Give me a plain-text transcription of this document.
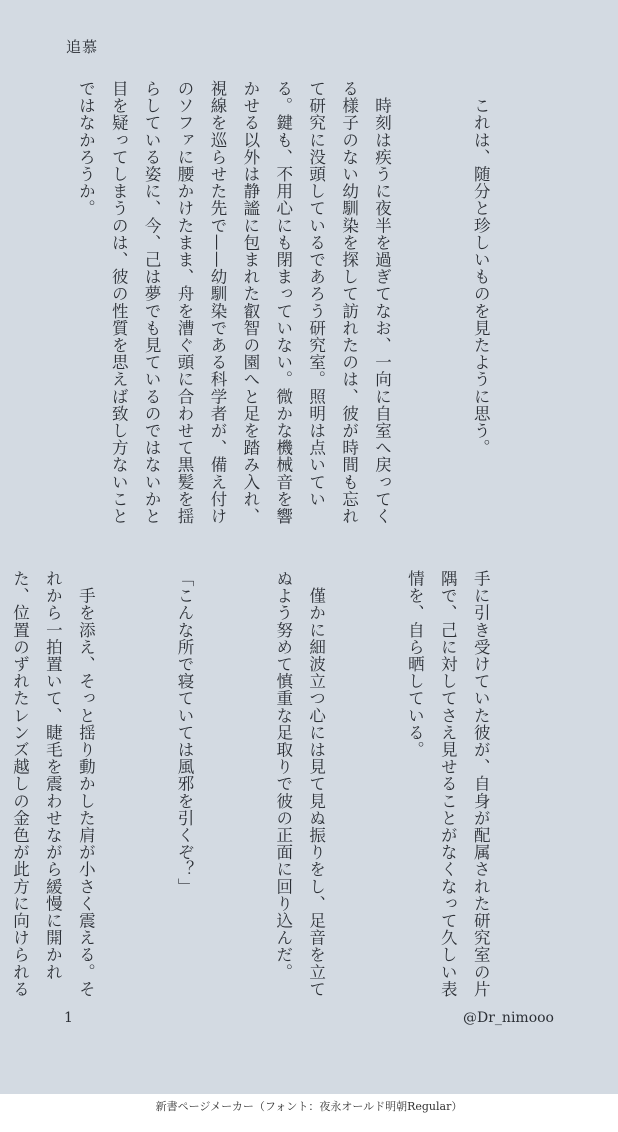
追慕

　これは、随分と珍しいものを見たように思う。

　時刻は疾うに夜半を過ぎてなお、一向に自室へ戻ってくる様子のない幼馴染を探して訪れたのは、彼が時間も忘れて研究に没頭しているであろう研究室。照明は点いている。鍵も、不用心にも閉まっていない。微かな機械音を響かせる以外は静謐に包まれた叡智の園へと足を踏み入れ、視線を巡らせた先で——幼馴染である科学者が、備え付けのソファに腰かけたまま、舟を漕ぐ頭に合わせて黒髪を揺らしている姿に、今、己は夢でも見ているのではないかと目を疑ってしまうのは、彼の性質を思えば致し方ないことではなかろうか。

手に引き受けていた彼が、自身が配属された研究室の片隅で、己に対してさえ見せることがなくなって久しい表情を、自ら晒している。

　僅かに細波立つ心には見て見ぬ振りをし、足音を立てぬよう努めて慎重な足取りで彼の正面に回り込んだ。

「こんな所で寝ていては風邪を引くぞ？」

　手を添え、そっと揺り動かした肩が小さく震える。それから一拍置いて、睫毛を震わせながら緩慢に開かれた、位置のずれたレンズ越しの金色が此方に向けられる

1	@Dr_nimooo
新書ページメーカー（フォント：夜永オールド明朝Regular）
